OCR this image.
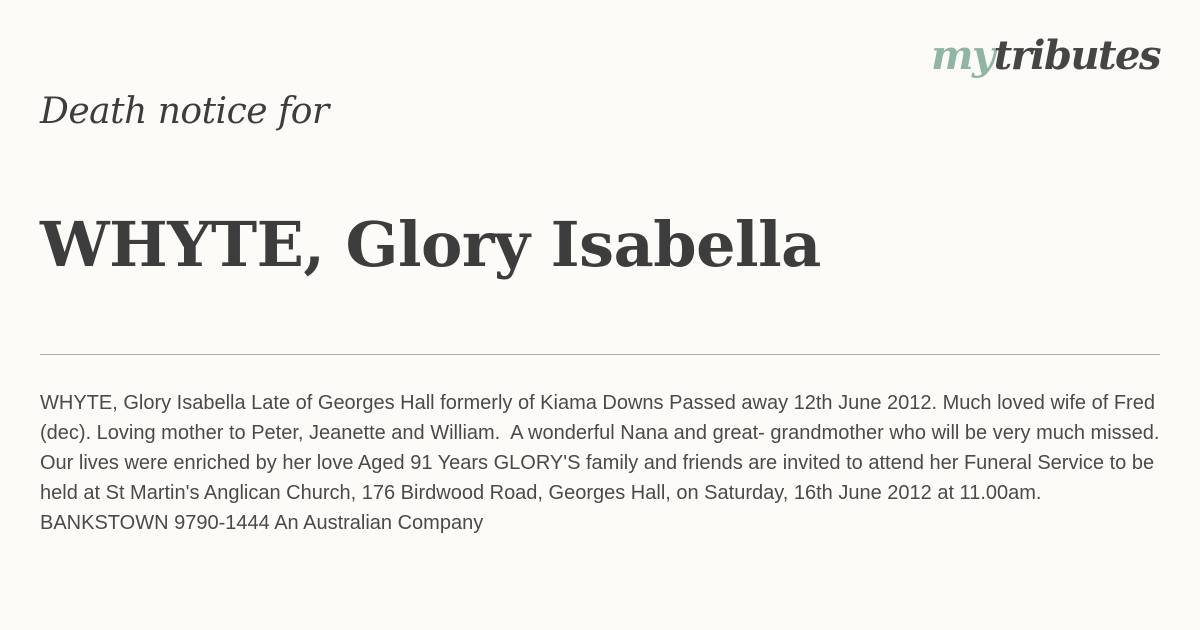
mytributes
Death notice for
WHYTE, Glory Isabella

WHYTE, Glory Isabella Late of Georges Hall formerly of Kiama Downs Passed away 12th June 2012. Much loved wife of Fred (dec). Loving mother to Peter, Jeanette and William.  A wonderful Nana and great- grandmother who will be very much missed.  Our lives were enriched by her love Aged 91 Years GLORY'S family and friends are invited to attend her Funeral Service to be held at St Martin's Anglican Church, 176 Birdwood Road, Georges Hall, on Saturday, 16th June 2012 at 11.00am.  BANKSTOWN 9790-1444 An Australian Company
